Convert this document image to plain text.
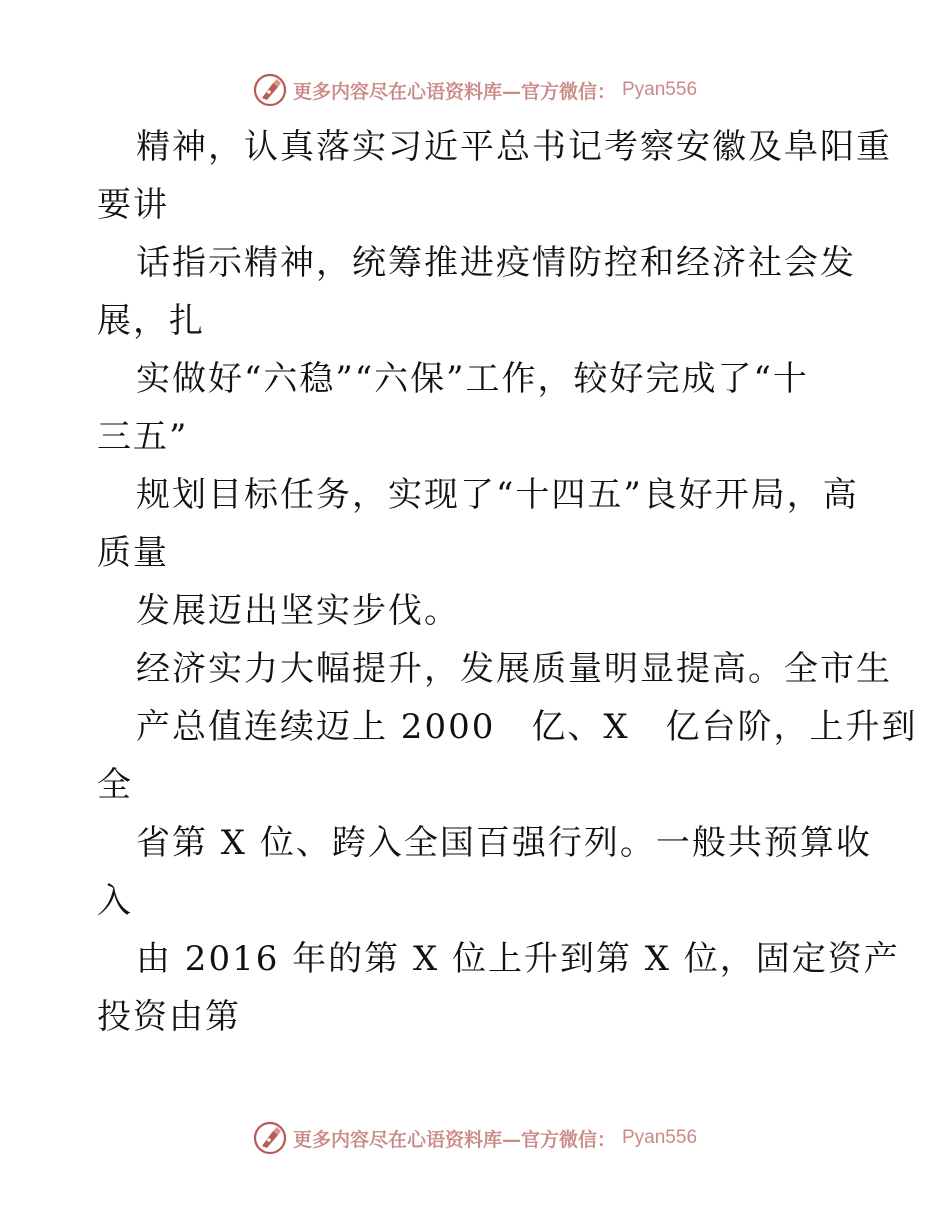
更多内容尽在心语资料库—官方微信： Pyan556
精神，认真落实习近平总书记考察安徽及阜阳重
要讲
话指示精神，统筹推进疫情防控和经济社会发
展，扎
实做好“六稳”“六保”工作，较好完成了“十
三五”
规划目标任务，实现了“十四五”良好开局，高
质量
发展迈出坚实步伐。
经济实力大幅提升，发展质量明显提高。全市生
产总值连续迈上 2000　亿、X　亿台阶，上升到
全
省第 X 位、跨入全国百强行列。一般共预算收
入
由 2016 年的第 X 位上升到第 X 位，固定资产
投资由第
更多内容尽在心语资料库—官方微信： Pyan556
